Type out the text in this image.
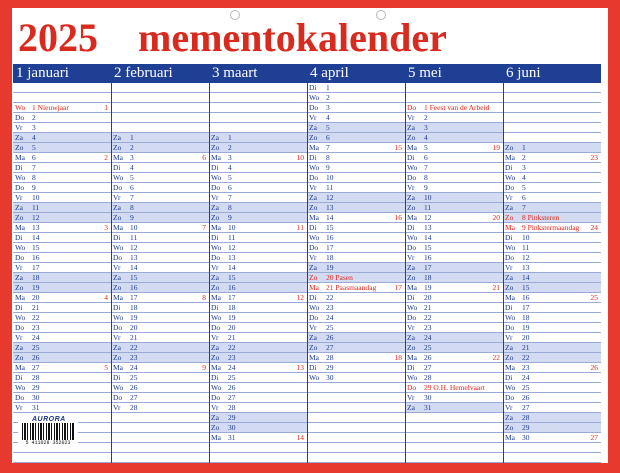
2025 mementokalender
1 januari
Wo 1 Nieuwjaar	1
Do	2
Vr	3
Za	4
Zo	5
Ma 6	2
Di	7
Wo 8
Do	9
Vr	10
Za	11
Zo	12
Ma 13	3
Di	14
Wo 15
Do	16
Vr	17
Za	18
Zo	19
Ma 20	4
Di	21
Wo 22
Do	23
Vr	24
Za	25
Zo	26
Ma 27	5
Di	28
Wo 29
Do	30
Vr	31
2 februari
Za	1
Zo	2
Ma 3	6
Di	4
Wo 5
Do	6
Vr	7
Za	8
Zo	9
Ma 10	7
Di	11
Wo 12
Do	13
Vr	14
Za	15
Zo	16
Ma 17	8
Di	18
Wo 19
Do	20
Vr	21
Za	22
Zo	23
Ma 24	9
Di	25
Wo 26
Do	27
Vr	28
3 maart
Za	1
Zo	2
Ma 3	10
Di	4
Wo 5
Do	6
Vr	7
Za	8
Zo	9
Ma 10	11
Di	11
Wo 12
Do	13
Vr	14
Za	15
Zo	16
Ma 17	12
Di	18
Wo 19
Do	20
Vr	21
Za	22
Zo	23
Ma 24	13
Di	25
Wo 26
Do	27
Vr	28
Za	29
Zo	30
Ma 31	14
4 april
Di	1
Wo 2
Do	3
Vr	4
Za	5
Zo	6
Ma 7	15
Di	8
Wo 9
Do	10
Vr	11
Za	12
Zo	13
Ma 14	16
Di	15
Wo 16
Do	17
Vr	18
Za	19
Zo	20 Pasen
Ma 21 Paasmaandag 17
Di	22
Wo 23
Do	24
Vr	25
Za	26
Zo	27
Ma 28	18
Di	29
Wo 30
5 mei
Do	1 Feest van de Arbeid
Vr	2
Za	3
Zo	4
Ma 5	19
Di	6
Wo 7
Do	8
Vr	9
Za	10
Zo	11
Ma 12	20
Di	13
Wo 14
Do	15
Vr	16
Za	17
Zo	18
Ma 19	21
Di	20
Wo 21
Do	22
Vr	23
Za	24
Zo	25
Ma 26	22
Di	27
Wo 28
Do	29 O.H. Hemelvaart
Vr	30
Za	31
6 juni
Zo	1
Ma 2	23
Di	3
Wo 4
Do	5
Vr	6
Za	7
Zo	8 Pinksteren
Ma 9 Pinkstermaandag 24
Di	10
Wo 11
Do	12
Vr	13
Za	14
Zo	15
Ma 16	25
Di	17
Wo 18
Do	19
Vr	20
Za	21
Zo	22
Ma 23	26
Di	24
Wo 25
Do	26
Vr	27
Za	28
Zo	29
Ma 30	27
5 411028 352023
AURORA
